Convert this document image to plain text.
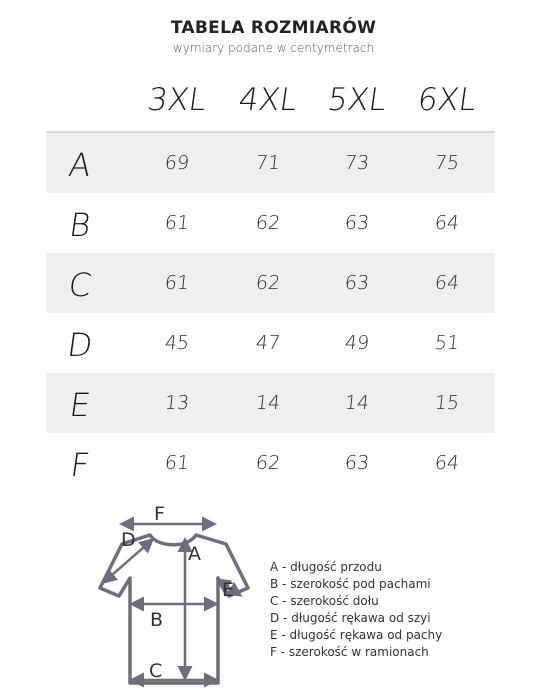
TABELA ROZMIARÓW
wymiary podane w centymetrach
3XL 4XL 5XL 6XL
A	69	71	73	75
B	61	62	63	64
C	61	62	63	64
D	45	47	49	51
E	13	14	14	15
F	61	62	63	64
F
D
A
E
B
C
A - długość przodu
B - szerokość pod pachami
C - szerokość dołu
D - długość rękawa od szyi
E - długość rękawa od pachy
F - szerokość w ramionach
